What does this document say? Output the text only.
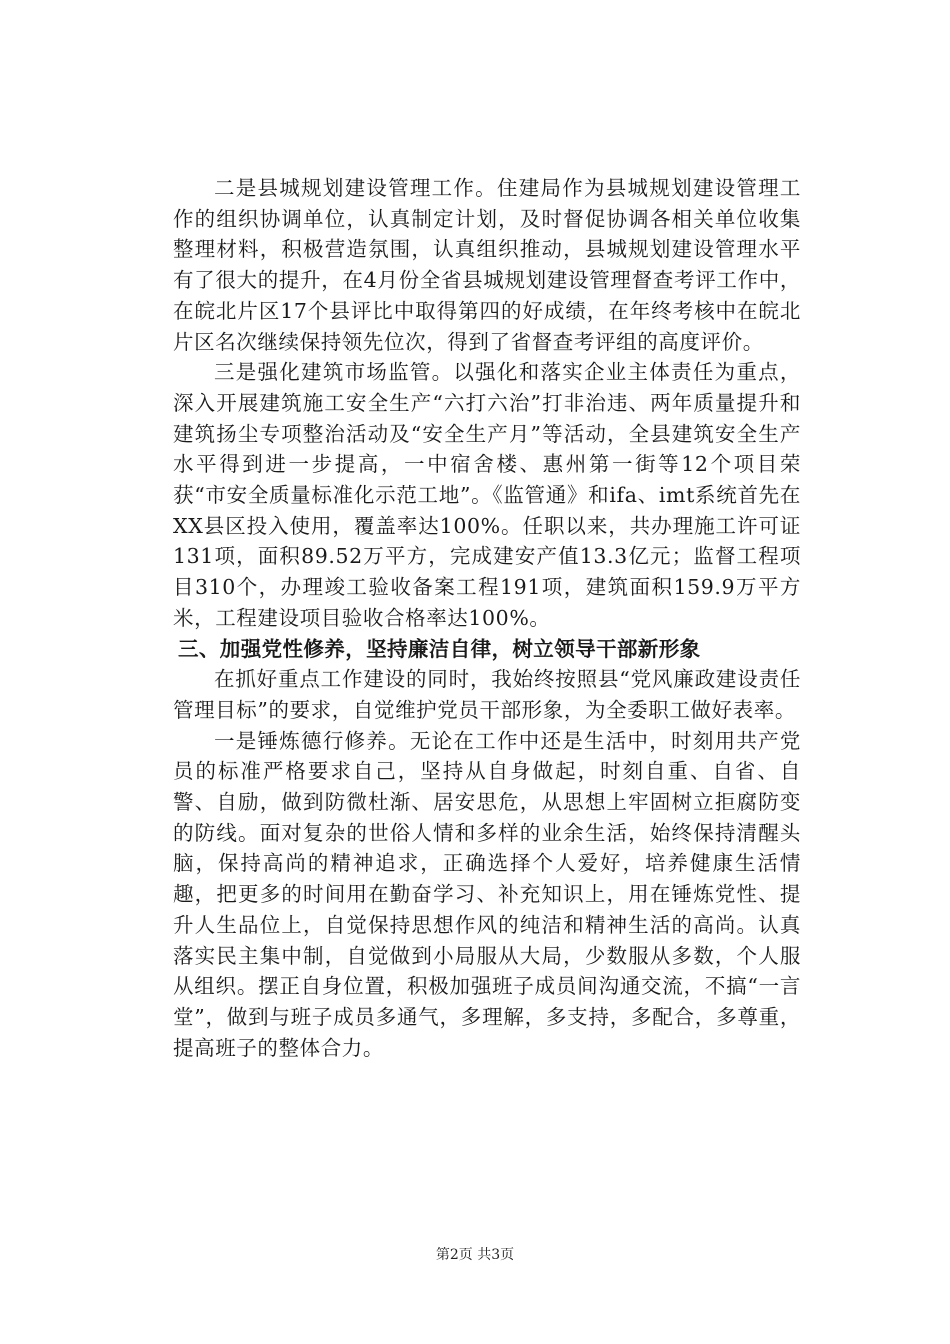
二是县城规划建设管理工作。住建局作为县城规划建设管理工作的组织协调单位，认真制定计划，及时督促协调各相关单位收集整理材料，积极营造氛围，认真组织推动，县城规划建设管理水平有了很大的提升，在4月份全省县城规划建设管理督查考评工作中，在皖北片区17个县评比中取得第四的好成绩，在年终考核中在皖北片区名次继续保持领先位次，得到了省督查考评组的高度评价。

三是强化建筑市场监管。以强化和落实企业主体责任为重点，深入开展建筑施工安全生产“六打六治”打非治违、两年质量提升和建筑扬尘专项整治活动及“安全生产月”等活动，全县建筑安全生产水平得到进一步提高，一中宿舍楼、惠州第一街等12个项目荣获“市安全质量标准化示范工地”。《监管通》和ifa、imt系统首先在XX县区投入使用，覆盖率达100%。任职以来，共办理施工许可证131项，面积89.52万平方，完成建安产值13.3亿元；监督工程项目310个，办理竣工验收备案工程191项，建筑面积159.9万平方米，工程建设项目验收合格率达100%。

三、加强党性修养，坚持廉洁自律，树立领导干部新形象

在抓好重点工作建设的同时，我始终按照县“党风廉政建设责任管理目标”的要求，自觉维护党员干部形象，为全委职工做好表率。

一是锤炼德行修养。无论在工作中还是生活中，时刻用共产党员的标准严格要求自己，坚持从自身做起，时刻自重、自省、自警、自励，做到防微杜渐、居安思危，从思想上牢固树立拒腐防变的防线。面对复杂的世俗人情和多样的业余生活，始终保持清醒头脑，保持高尚的精神追求，正确选择个人爱好，培养健康生活情趣，把更多的时间用在勤奋学习、补充知识上，用在锤炼党性、提升人生品位上，自觉保持思想作风的纯洁和精神生活的高尚。认真落实民主集中制，自觉做到小局服从大局，少数服从多数，个人服从组织。摆正自身位置，积极加强班子成员间沟通交流，不搞“一言堂”，做到与班子成员多通气，多理解，多支持，多配合，多尊重，提高班子的整体合力。

第2页 共3页
